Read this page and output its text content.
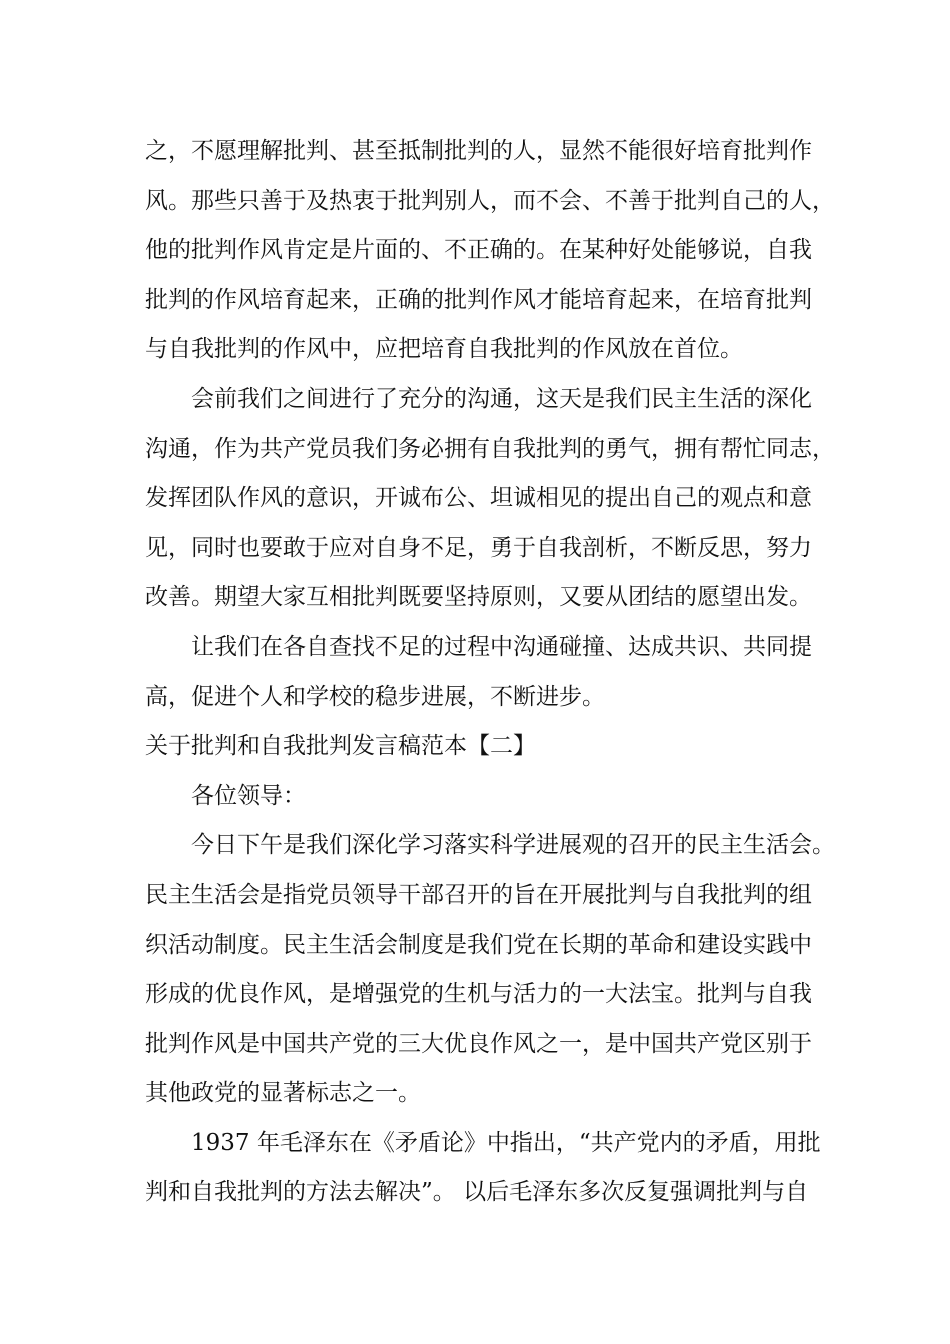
之，不愿理解批判、甚至抵制批判的人，显然不能很好培育批判作
风。那些只善于及热衷于批判别人，而不会、不善于批判自己的人，
他的批判作风肯定是片面的、不正确的。在某种好处能够说，自我
批判的作风培育起来，正确的批判作风才能培育起来，在培育批判
与自我批判的作风中，应把培育自我批判的作风放在首位。
会前我们之间进行了充分的沟通，这天是我们民主生活的深化
沟通，作为共产党员我们务必拥有自我批判的勇气，拥有帮忙同志，
发挥团队作风的意识，开诚布公、坦诚相见的提出自己的观点和意
见，同时也要敢于应对自身不足，勇于自我剖析，不断反思，努力
改善。期望大家互相批判既要坚持原则，又要从团结的愿望出发。
让我们在各自查找不足的过程中沟通碰撞、达成共识、共同提
高，促进个人和学校的稳步进展，不断进步。
关于批判和自我批判发言稿范本【二】
各位领导：
今日下午是我们深化学习落实科学进展观的召开的民主生活会。
民主生活会是指党员领导干部召开的旨在开展批判与自我批判的组
织活动制度。民主生活会制度是我们党在长期的革命和建设实践中
形成的优良作风，是增强党的生机与活力的一大法宝。批判与自我
批判作风是中国共产党的三大优良作风之一，是中国共产党区别于
其他政党的显著标志之一。
1937 年毛泽东在《矛盾论》中指出，“共产党内的矛盾，用批
判和自我批判的方法去解决”。 以后毛泽东多次反复强调批判与自
